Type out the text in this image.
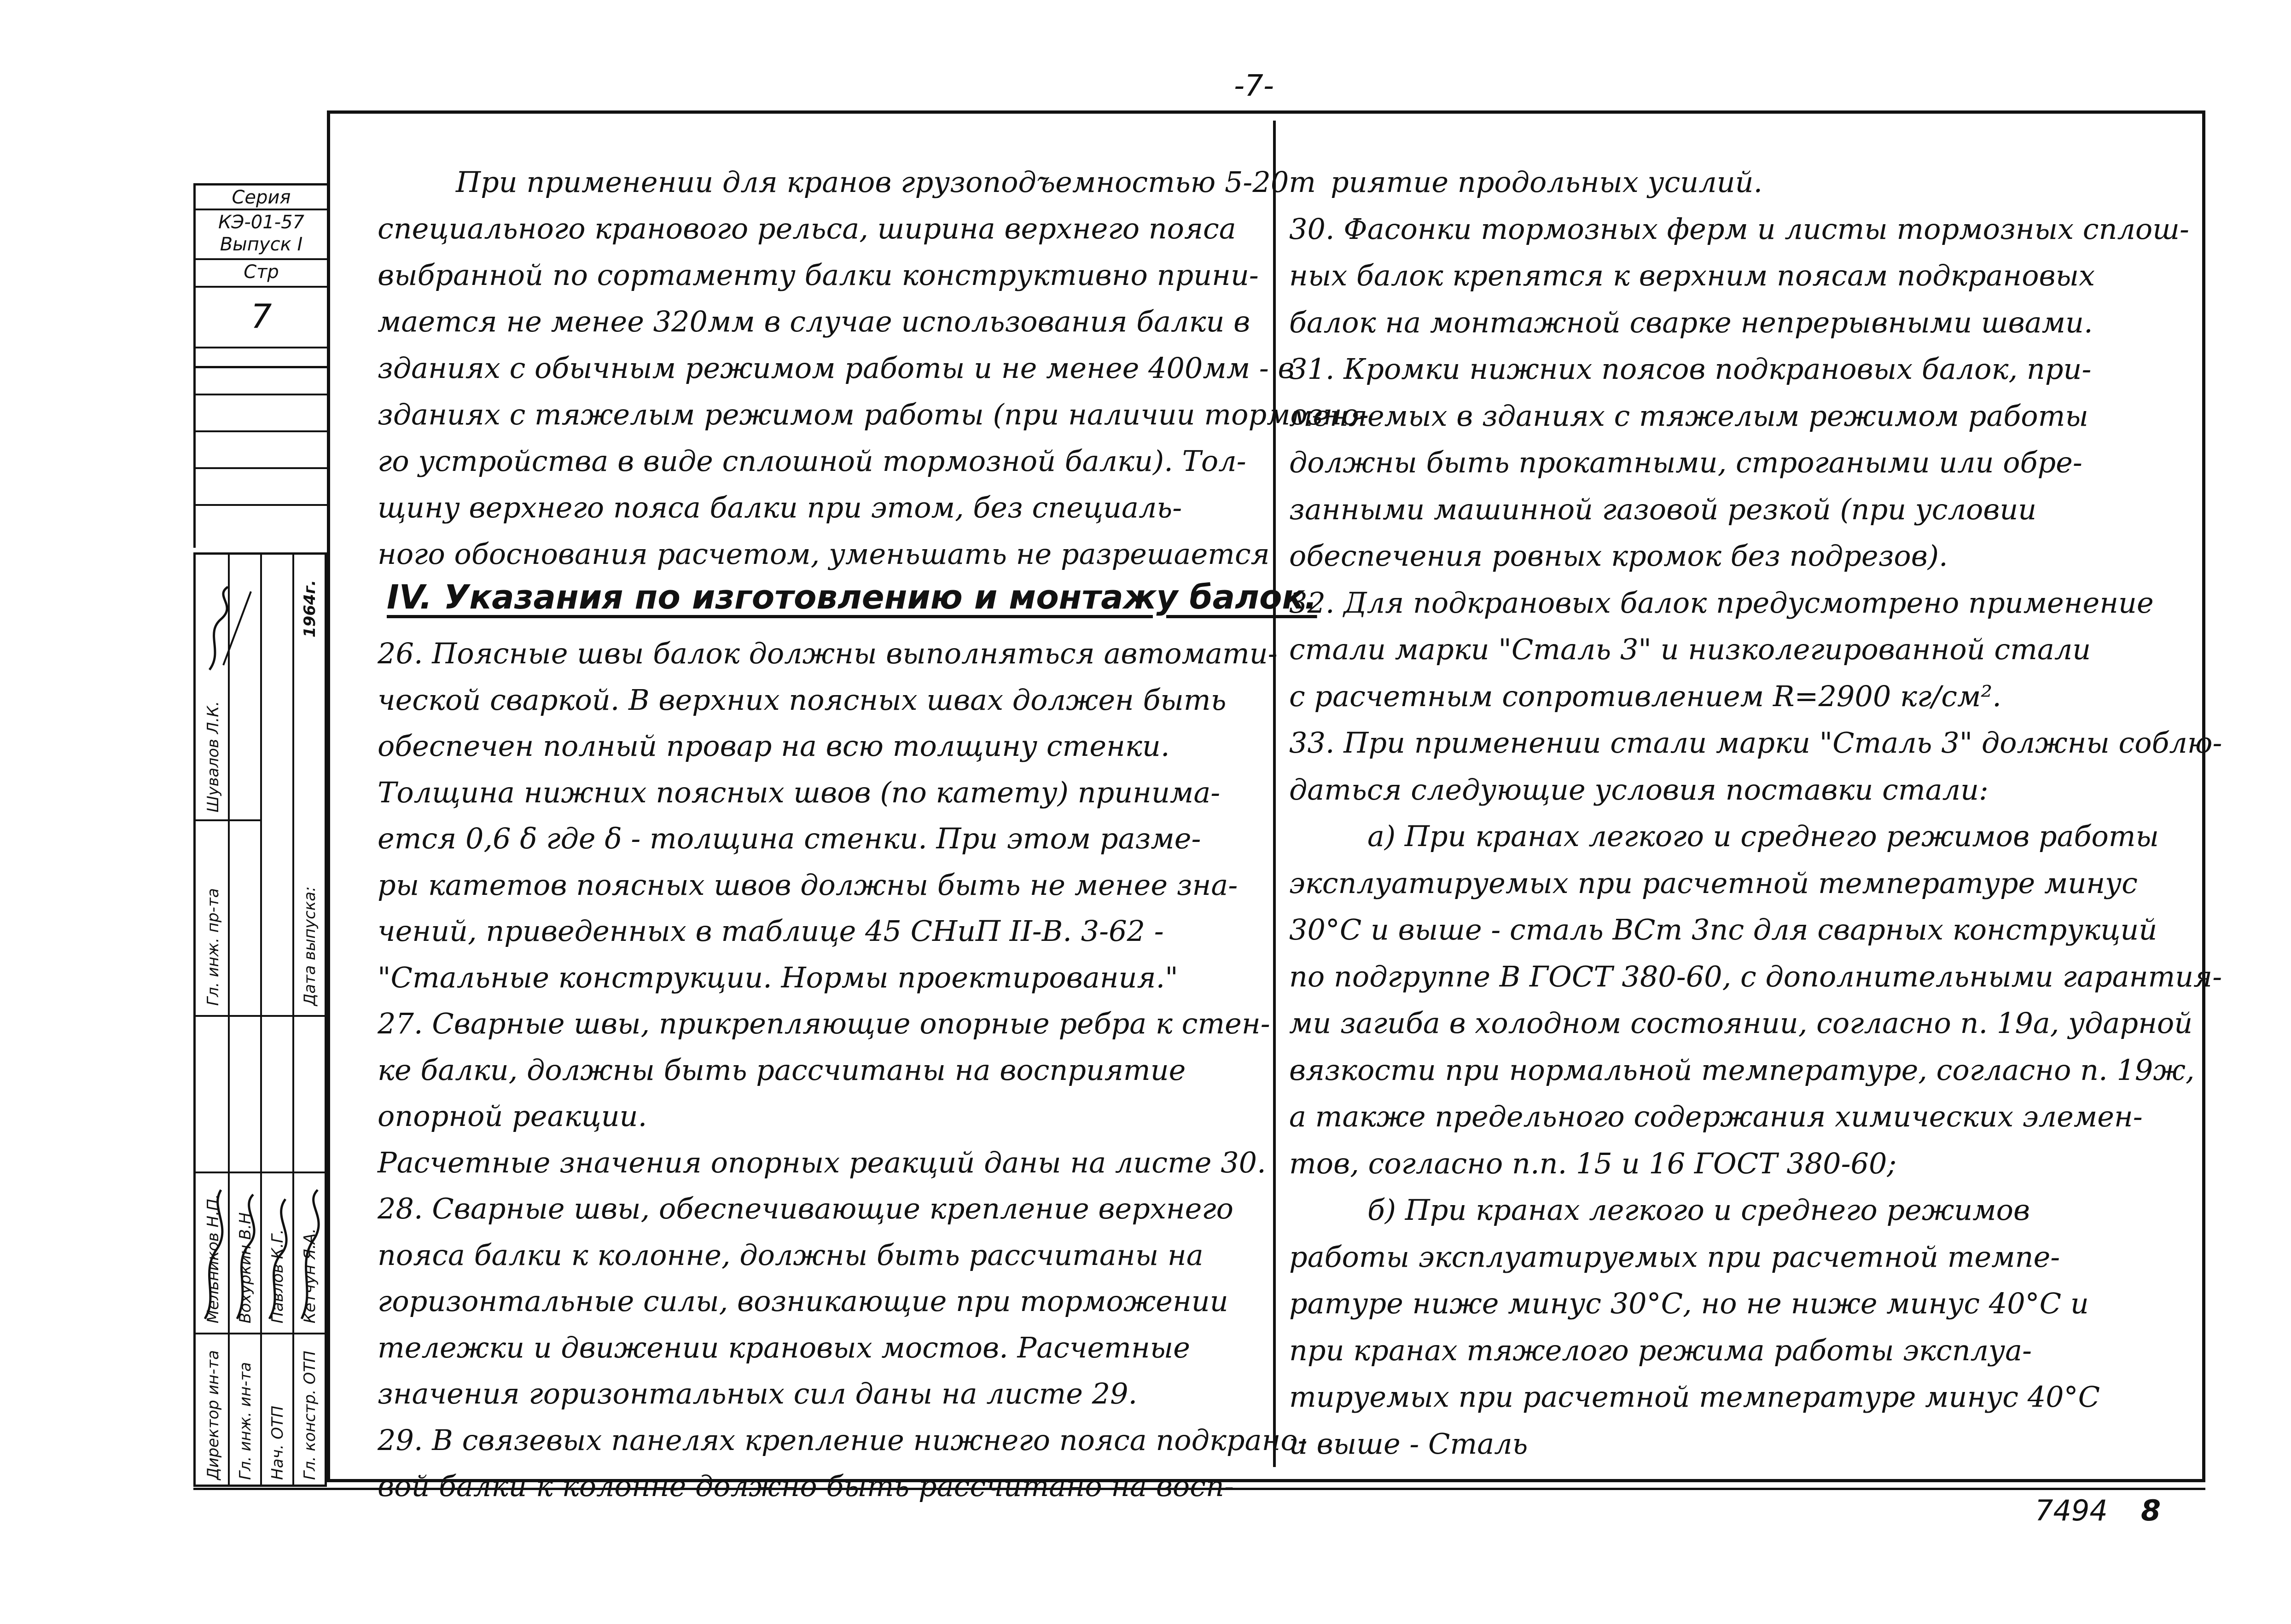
-7-
Серия
КЭ-01-57
Выпуск I
Стр
7
Директор ин-та Гл. инж. ин-та Нач. ОТП Гл. констр. ОТП
Мельников Н.П. Вохуркин В.Н. Павлов К.Г. Кетчун Я.А.
Гл. инж. пр-та
Шувалов Л.К.
Дата выпуска:
1964г.

При применении для кранов грузоподъемностью 5-20т

специального кранового рельса, ширина верхнего пояса

выбранной по сортаменту балки конструктивно прини-

мается не менее 320мм в случае использования балки в

зданиях с обычным режимом работы и не менее 400мм - в

зданиях с тяжелым режимом работы (при наличии тормозно-

го устройства в виде сплошной тормозной балки). Тол-

щину верхнего пояса балки при этом, без специаль-

ного обоснования расчетом, уменьшать не разрешается

IV. Указания по изготовлению и монтажу балок.

26. Поясные швы балок должны выполняться автомати-

ческой сваркой. В верхних поясных швах должен быть

обеспечен полный провар на всю толщину стенки.

Толщина нижних поясных швов (по катету) принима-

ется 0,6 δ где δ - толщина стенки. При этом разме-

ры катетов поясных швов должны быть не менее зна-

чений, приведенных в таблице 45 СНиП II-В. 3-62 -

"Стальные конструкции. Нормы проектирования."

27. Сварные швы, прикрепляющие опорные ребра к стен-

ке балки, должны быть рассчитаны на восприятие

опорной реакции.

Расчетные значения опорных реакций даны на листе 30.

28. Сварные швы, обеспечивающие крепление верхнего

пояса балки к колонне, должны быть рассчитаны на

горизонтальные силы, возникающие при торможении

тележки и движении крановых мостов. Расчетные

значения горизонтальных сил даны на листе 29.

29. В связевых панелях крепление нижнего пояса подкрано-

вой балки к колонне должно быть рассчитано на восп-

риятие продольных усилий.

30. Фасонки тормозных ферм и листы тормозных сплош-

ных балок крепятся к верхним поясам подкрановых

балок на монтажной сварке непрерывными швами.

31. Кромки нижних поясов подкрановых балок, при-

меняемых в зданиях с тяжелым режимом работы

должны быть прокатными, строгаными или обре-

занными машинной газовой резкой (при условии

обеспечения ровных кромок без подрезов).

32. Для подкрановых балок предусмотрено применение

стали марки "Сталь 3" и низколегированной стали

с расчетным сопротивлением R=2900 кг/см².

33. При применении стали марки "Сталь 3" должны соблю-

даться следующие условия поставки стали:

а) При кранах легкого и среднего режимов работы

эксплуатируемых при расчетной температуре минус

30°С и выше - сталь ВСт 3пс для сварных конструкций

по подгруппе В ГОСТ 380-60, с дополнительными гарантия-

ми загиба в холодном состоянии, согласно п. 19а, ударной

вязкости при нормальной температуре, согласно п. 19ж,

а также предельного содержания химических элемен-

тов, согласно п.п. 15 и 16 ГОСТ 380-60;

б) При кранах легкого и среднего режимов

работы эксплуатируемых при расчетной темпе-

ратуре ниже минус 30°С, но не ниже минус 40°С и

при кранах тяжелого режима работы эксплуа-

тируемых при расчетной температуре минус 40°С

и выше - Сталь

7494 8
